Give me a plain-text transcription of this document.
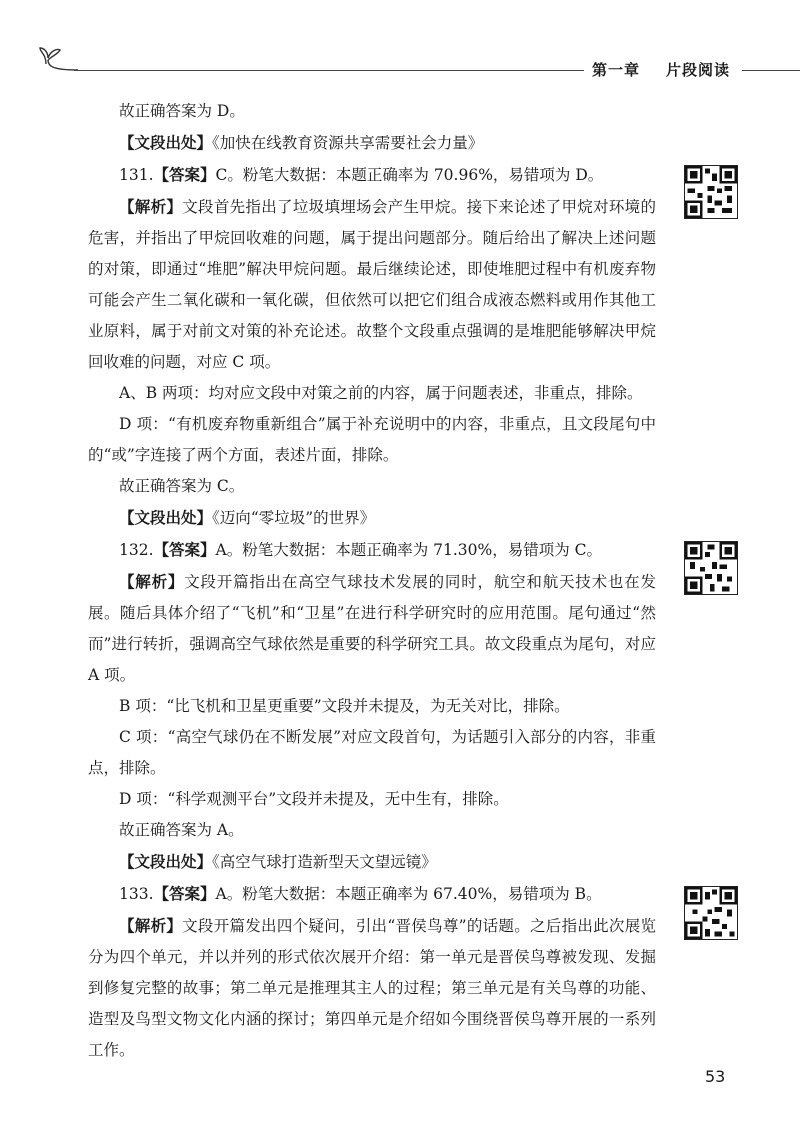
第一章 片段阅读

故正确答案为 D。

【文段出处】《加快在线教育资源共享需要社会力量》

131.【答案】C。粉笔大数据：本题正确率为 70.96%，易错项为 D。

【解析】文段首先指出了垃圾填埋场会产生甲烷。接下来论述了甲烷对环境的危害，并指出了甲烷回收难的问题，属于提出问题部分。随后给出了解决上述问题的对策，即通过“堆肥”解决甲烷问题。最后继续论述，即使堆肥过程中有机废弃物可能会产生二氧化碳和一氧化碳，但依然可以把它们组合成液态燃料或用作其他工业原料，属于对前文对策的补充论述。故整个文段重点强调的是堆肥能够解决甲烷回收难的问题，对应 C 项。

A、B 两项：均对应文段中对策之前的内容，属于问题表述，非重点，排除。

D 项：“有机废弃物重新组合”属于补充说明中的内容，非重点，且文段尾句中的“或”字连接了两个方面，表述片面，排除。

故正确答案为 C。

【文段出处】《迈向“零垃圾”的世界》

132.【答案】A。粉笔大数据：本题正确率为 71.30%，易错项为 C。

【解析】文段开篇指出在高空气球技术发展的同时，航空和航天技术也在发展。随后具体介绍了“飞机”和“卫星”在进行科学研究时的应用范围。尾句通过“然而”进行转折，强调高空气球依然是重要的科学研究工具。故文段重点为尾句，对应 A 项。

B 项：“比飞机和卫星更重要”文段并未提及，为无关对比，排除。

C 项：“高空气球仍在不断发展”对应文段首句，为话题引入部分的内容，非重点，排除。

D 项：“科学观测平台”文段并未提及，无中生有，排除。

故正确答案为 A。

【文段出处】《高空气球打造新型天文望远镜》

133.【答案】A。粉笔大数据：本题正确率为 67.40%，易错项为 B。

【解析】文段开篇发出四个疑问，引出“晋侯鸟尊”的话题。之后指出此次展览分为四个单元，并以并列的形式依次展开介绍：第一单元是晋侯鸟尊被发现、发掘到修复完整的故事；第二单元是推理其主人的过程；第三单元是有关鸟尊的功能、造型及鸟型文物文化内涵的探讨；第四单元是介绍如今围绕晋侯鸟尊开展的一系列工作。

53
